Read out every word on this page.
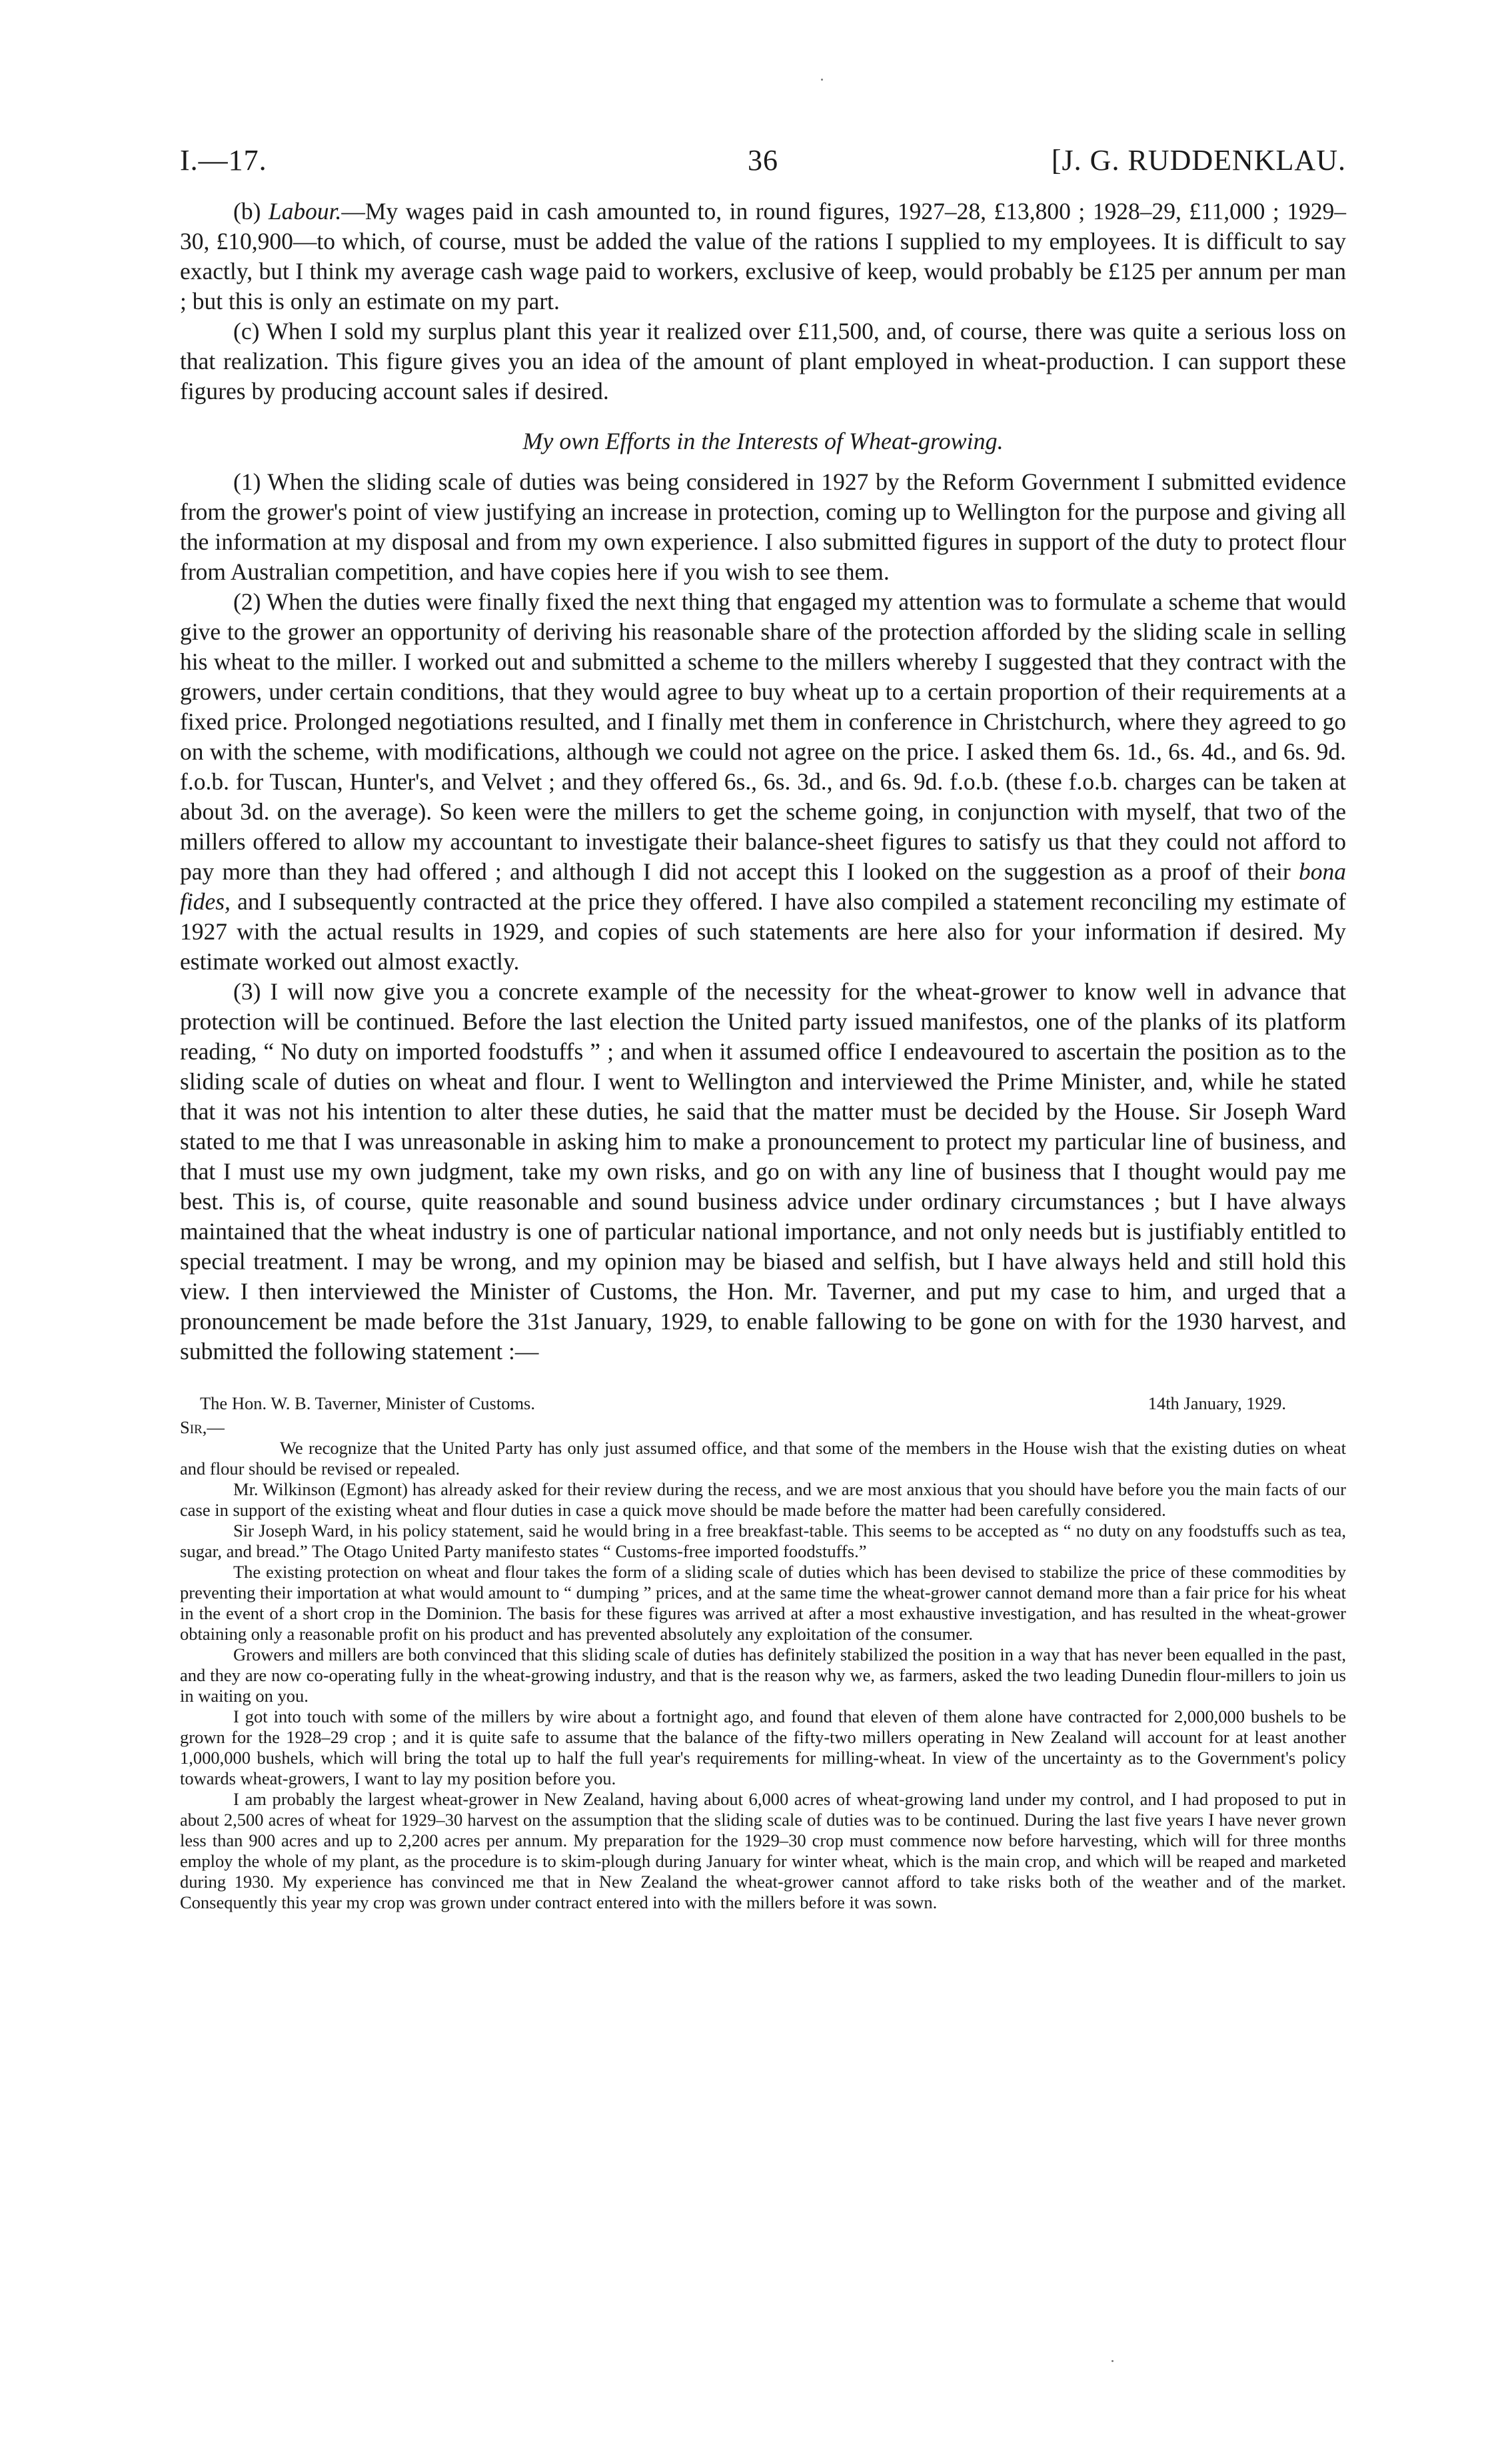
I.—17.	36	[J. G. RUDDENKLAU.

(b) Labour.—My wages paid in cash amounted to, in round figures, 1927–28, £13,800 ; 1928–29, £11,000 ; 1929–30, £10,900—to which, of course, must be added the value of the rations I supplied to my employees. It is difficult to say exactly, but I think my average cash wage paid to workers, exclusive of keep, would probably be £125 per annum per man ; but this is only an estimate on my part.

(c) When I sold my surplus plant this year it realized over £11,500, and, of course, there was quite a serious loss on that realization. This figure gives you an idea of the amount of plant employed in wheat-production. I can support these figures by producing account sales if desired.

My own Efforts in the Interests of Wheat-growing.

(1) When the sliding scale of duties was being considered in 1927 by the Reform Government I submitted evidence from the grower's point of view justifying an increase in protection, coming up to Wellington for the purpose and giving all the information at my disposal and from my own experience. I also submitted figures in support of the duty to protect flour from Australian competition, and have copies here if you wish to see them.

(2) When the duties were finally fixed the next thing that engaged my attention was to formulate a scheme that would give to the grower an opportunity of deriving his reasonable share of the protection afforded by the sliding scale in selling his wheat to the miller. I worked out and submitted a scheme to the millers whereby I suggested that they contract with the growers, under certain conditions, that they would agree to buy wheat up to a certain proportion of their requirements at a fixed price. Prolonged negotiations resulted, and I finally met them in conference in Christchurch, where they agreed to go on with the scheme, with modifications, although we could not agree on the price. I asked them 6s. 1d., 6s. 4d., and 6s. 9d. f.o.b. for Tuscan, Hunter's, and Velvet ; and they offered 6s., 6s. 3d., and 6s. 9d. f.o.b. (these f.o.b. charges can be taken at about 3d. on the average). So keen were the millers to get the scheme going, in conjunction with myself, that two of the millers offered to allow my accountant to investigate their balance-sheet figures to satisfy us that they could not afford to pay more than they had offered ; and although I did not accept this I looked on the suggestion as a proof of their bona fides, and I subsequently contracted at the price they offered. I have also compiled a statement reconciling my estimate of 1927 with the actual results in 1929, and copies of such statements are here also for your information if desired. My estimate worked out almost exactly.

(3) I will now give you a concrete example of the necessity for the wheat-grower to know well in advance that protection will be continued. Before the last election the United party issued manifestos, one of the planks of its platform reading, “ No duty on imported foodstuffs ” ; and when it assumed office I endeavoured to ascertain the position as to the sliding scale of duties on wheat and flour. I went to Wellington and interviewed the Prime Minister, and, while he stated that it was not his intention to alter these duties, he said that the matter must be decided by the House. Sir Joseph Ward stated to me that I was unreasonable in asking him to make a pronouncement to protect my particular line of business, and that I must use my own judgment, take my own risks, and go on with any line of business that I thought would pay me best. This is, of course, quite reasonable and sound business advice under ordinary circumstances ; but I have always maintained that the wheat industry is one of particular national importance, and not only needs but is justifiably entitled to special treatment. I may be wrong, and my opinion may be biased and selfish, but I have always held and still hold this view. I then interviewed the Minister of Customs, the Hon. Mr. Taverner, and put my case to him, and urged that a pronouncement be made before the 31st January, 1929, to enable fallowing to be gone on with for the 1930 harvest, and submitted the following statement :—

The Hon. W. B. Taverner, Minister of Customs.	14th January, 1929.

Sir,—

We recognize that the United Party has only just assumed office, and that some of the members in the House wish that the existing duties on wheat and flour should be revised or repealed.

Mr. Wilkinson (Egmont) has already asked for their review during the recess, and we are most anxious that you should have before you the main facts of our case in support of the existing wheat and flour duties in case a quick move should be made before the matter had been carefully considered.

Sir Joseph Ward, in his policy statement, said he would bring in a free breakfast-table. This seems to be accepted as “ no duty on any foodstuffs such as tea, sugar, and bread.” The Otago United Party manifesto states “ Customs-free imported foodstuffs.”

The existing protection on wheat and flour takes the form of a sliding scale of duties which has been devised to stabilize the price of these commodities by preventing their importation at what would amount to “ dumping ” prices, and at the same time the wheat-grower cannot demand more than a fair price for his wheat in the event of a short crop in the Dominion. The basis for these figures was arrived at after a most exhaustive investigation, and has resulted in the wheat-grower obtaining only a reasonable profit on his product and has prevented absolutely any exploitation of the consumer.

Growers and millers are both convinced that this sliding scale of duties has definitely stabilized the position in a way that has never been equalled in the past, and they are now co-operating fully in the wheat-growing industry, and that is the reason why we, as farmers, asked the two leading Dunedin flour-millers to join us in waiting on you.

I got into touch with some of the millers by wire about a fortnight ago, and found that eleven of them alone have contracted for 2,000,000 bushels to be grown for the 1928–29 crop ; and it is quite safe to assume that the balance of the fifty-two millers operating in New Zealand will account for at least another 1,000,000 bushels, which will bring the total up to half the full year's requirements for milling-wheat. In view of the uncertainty as to the Government's policy towards wheat-growers, I want to lay my position before you.

I am probably the largest wheat-grower in New Zealand, having about 6,000 acres of wheat-growing land under my control, and I had proposed to put in about 2,500 acres of wheat for 1929–30 harvest on the assumption that the sliding scale of duties was to be continued. During the last five years I have never grown less than 900 acres and up to 2,200 acres per annum. My preparation for the 1929–30 crop must commence now before harvesting, which will for three months employ the whole of my plant, as the procedure is to skim-plough during January for winter wheat, which is the main crop, and which will be reaped and marketed during 1930. My experience has convinced me that in New Zealand the wheat-grower cannot afford to take risks both of the weather and of the market. Consequently this year my crop was grown under contract entered into with the millers before it was sown.
